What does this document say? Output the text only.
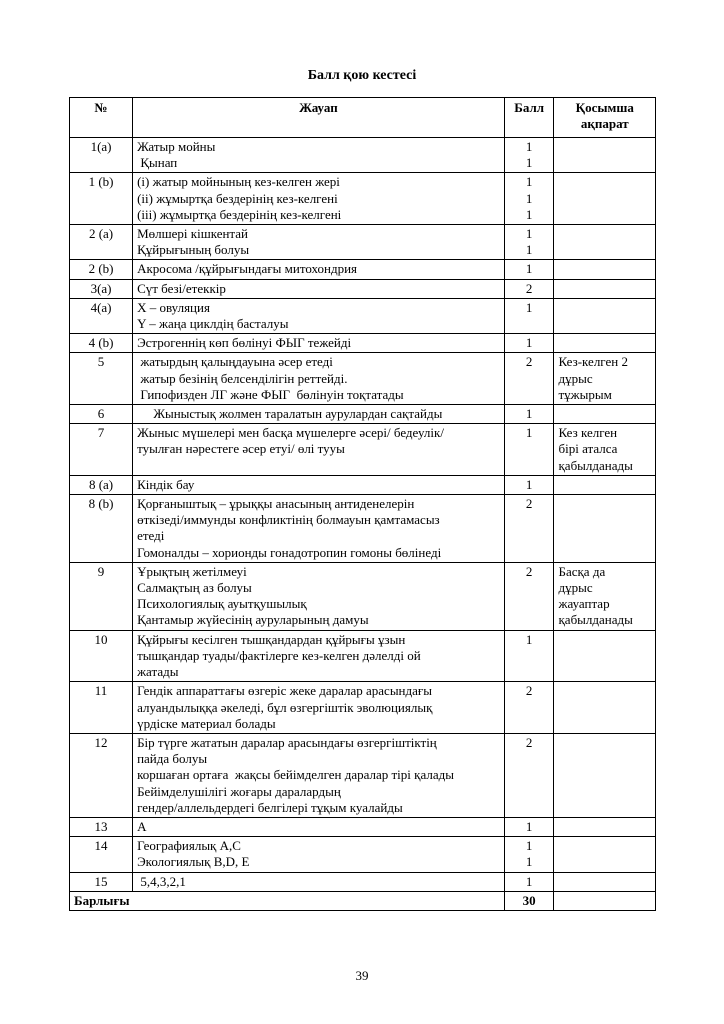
Балл қою кестесі
№	Жауап	Балл	Қосымша ақпарат
1(a)	Жатыр мойны
Қынап	1
1	

1 (b)	(i) жатыр мойнының кез-келген жері
(ii) жұмыртқа бездерінің кез-келгені
(iii) жұмыртқа бездерінің кез-келгені	1
1
1	

2 (a)	Мөлшері кішкентай
Құйрығының болуы	1
1	

2 (b)	Акросома /құйрығындағы митохондрия	1	

3(a)	Сүт безі/етеккір	2	

4(a)	X – овуляция
Y – жаңа циклдің басталуы	1	

4 (b)	Эстрогеннің көп бөлінуі ФЫГ тежейді	1	

5	жатырдың қалыңдауына әсер етеді
жатыр безінің белсенділігін реттейді.
Гипофизден ЛГ және ФЫГ  бөлінуін тоқтатады	2	Кез-келген 2
дұрыс
тұжырым

6	Жыныстық жолмен таралатын аурулардан сақтайды	1	

7	Жыныс мүшелері мен басқа мүшелерге әсері/ бедеулік/
туылған нәрестеге әсер етуі/ өлі тууы	1	Кез келген
бірі аталса
қабылданады

8 (a)	Кіндік бау	1	

8 (b)	Қорғаныштық – ұрыққы анасының антиденелерін
өткізеді/иммунды конфликтінің болмауын қамтамасыз
етеді
Гомоналды – хорионды гонадотропин гомоны бөлінеді	2	

9	Ұрықтың жетілмеуі
Салмақтың аз болуы
Психологиялық ауытқушылық
Қантамыр жүйесінің ауруларының дамуы	2	Басқа да
дұрыс
жауаптар
қабылданады

10	Құйрығы кесілген тышқандардан құйрығы ұзын
тышқандар туады/фактілерге кез-келген дәлелді ой
жатады	1	

11	Гендік аппараттағы өзгеріс жеке даралар арасындағы
алуандылыққа әкеледі, бұл өзгергіштік эволюциялық
үрдіске материал болады	2	

12	Бір түрге жататын даралар арасындағы өзгергіштіктің
пайда болуы
коршаған ортаға  жақсы бейімделген даралар тірі қалады
Бейімделушілігі жоғары даралардың
гендер/аллельдердегі белгілері тұқым куалайды	2	

13	A	1	

14	Географиялық A,C
Экологиялық B,D, E	1
1	

15	5,4,3,2,1	1	

Барлығы		30	
39
